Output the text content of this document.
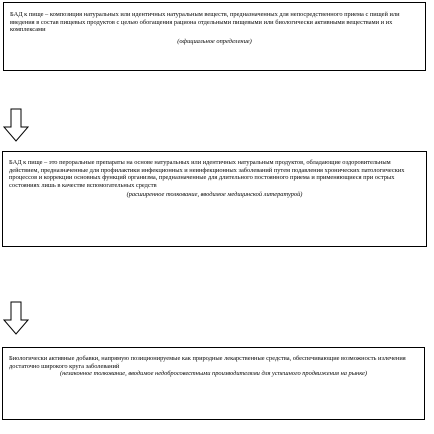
БАД к пище – композиция натуральных или идентичных натуральным веществ, предназначенных для непосредственного приема с пищей или введения в состав пищевых продуктов с целью обогащения рациона отдельными пищевыми или биологически активными веществами и их комплексами

(официальное определение)

БАД к пище – это пероральные препараты на основе натуральных или идентичных натуральным продуктов, обладающие оздоровительным действием, предназначенные для профилактики инфекционных и неинфекционных заболеваний путем подавления хронических патологических процессов и коррекции основных функций организма, предназначенные для длительного постоянного приема и применяющиеся при острых состояниях лишь в качестве вспомогательных средств

(расширенное толкование, вводимое медицинской литературой)

Биологически активные добавки, напрямую позиционируемые как природные лекарственные средства, обеспечивающие возможность излечения достаточно широкого круга заболеваний

(незаконное толкование, вводимое недобросовестными производителями для успешного продвижения на рынке)
